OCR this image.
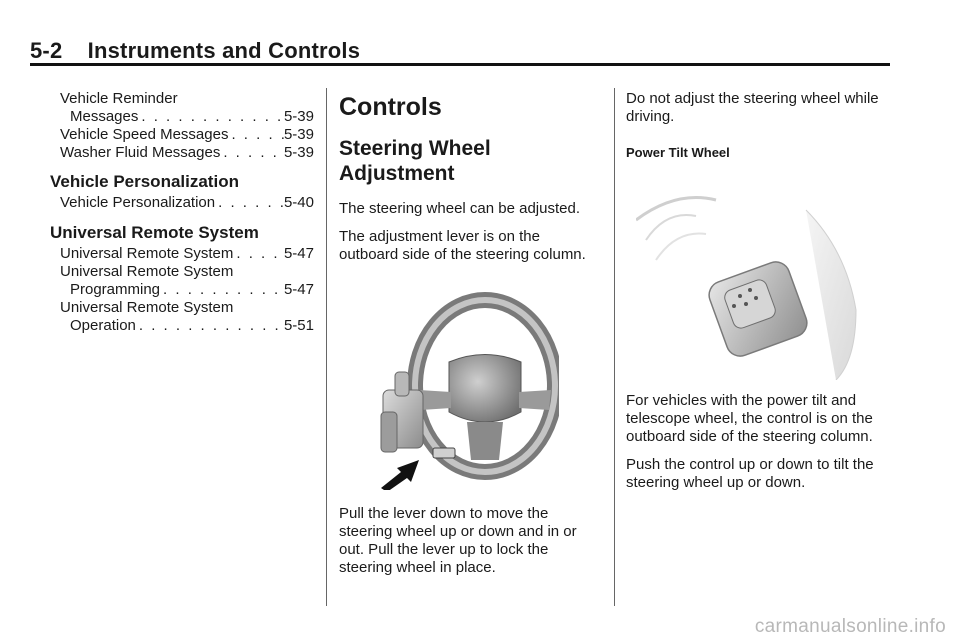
5-2 Instruments and Controls
Vehicle Reminder
Messages . . .	5-39
Vehicle Speed Messages . . .	5-39
Washer Fluid Messages . . .	5-39
Vehicle Personalization
Vehicle Personalization . . .	5-40
Universal Remote System
Universal Remote System . . .	5-47
Universal Remote System
Programming . . .	5-47
Universal Remote System
Operation . . .	5-51
Controls
Steering Wheel Adjustment

The steering wheel can be adjusted.

The adjustment lever is on the outboard side of the steering column.

Pull the lever down to move the steering wheel up or down and in or out. Pull the lever up to lock the steering wheel in place.

Do not adjust the steering wheel while driving.

Power Tilt Wheel

For vehicles with the power tilt and telescope wheel, the control is on the outboard side of the steering column.

Push the control up or down to tilt the steering wheel up or down.

carmanualsonline.info
